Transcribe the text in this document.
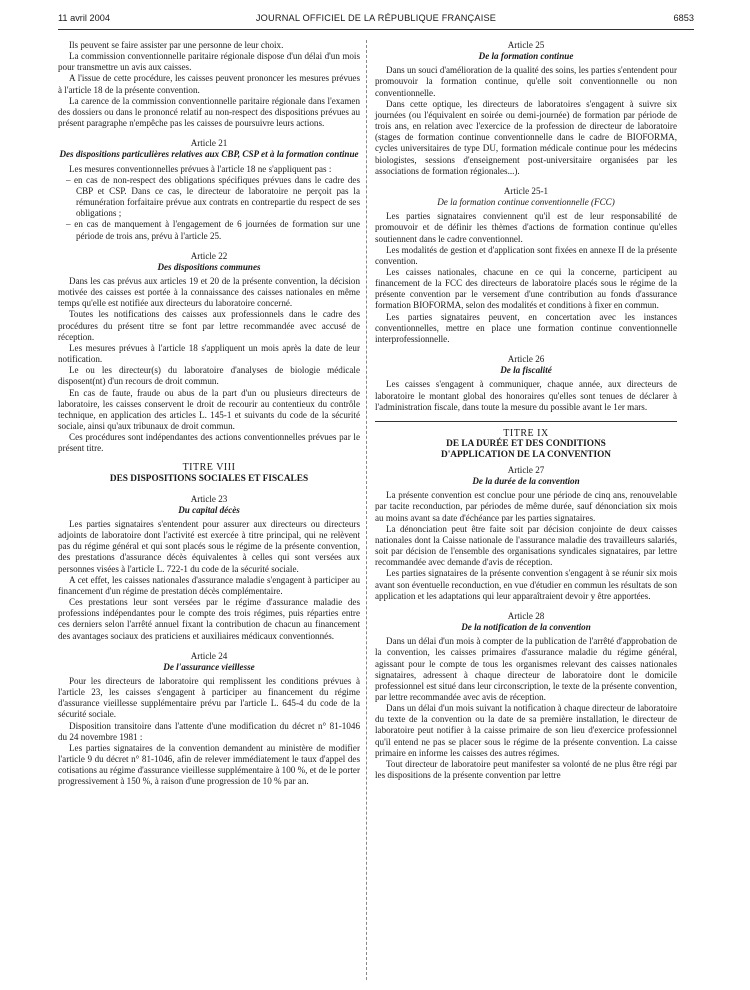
11 avril 2004	JOURNAL OFFICIEL DE LA RÉPUBLIQUE FRANÇAISE	6853

Ils peuvent se faire assister par une personne de leur choix.

La commission conventionnelle paritaire régionale dispose d'un délai d'un mois pour transmettre un avis aux caisses.

A l'issue de cette procédure, les caisses peuvent prononcer les mesures prévues à l'article 18 de la présente convention.

La carence de la commission conventionnelle paritaire régionale dans l'examen des dossiers ou dans le prononcé relatif au non-respect des dispositions prévues au présent paragraphe n'empêche pas les caisses de poursuivre leurs actions.

Article 21
Des dispositions particulières relatives aux CBP, CSP et à la formation continue

Les mesures conventionnelles prévues à l'article 18 ne s'appliquent pas :

– en cas de non-respect des obligations spécifiques prévues dans le cadre des CBP et CSP. Dans ce cas, le directeur de laboratoire ne perçoit pas la rémunération forfaitaire prévue aux contrats en contrepartie du respect de ses obligations ;

– en cas de manquement à l'engagement de 6 journées de formation sur une période de trois ans, prévu à l'article 25.

Article 22
Des dispositions communes

Dans les cas prévus aux articles 19 et 20 de la présente convention, la décision motivée des caisses est portée à la connaissance des caisses nationales en même temps qu'elle est notifiée aux directeurs du laboratoire concerné.

Toutes les notifications des caisses aux professionnels dans le cadre des procédures du présent titre se font par lettre recommandée avec accusé de réception.

Les mesures prévues à l'article 18 s'appliquent un mois après la date de leur notification.

Le ou les directeur(s) du laboratoire d'analyses de biologie médicale disposent(nt) d'un recours de droit commun.

En cas de faute, fraude ou abus de la part d'un ou plusieurs directeurs de laboratoire, les caisses conservent le droit de recourir au contentieux du contrôle technique, en application des articles L. 145-1 et suivants du code de la sécurité sociale, ainsi qu'aux tribunaux de droit commun.

Ces procédures sont indépendantes des actions conventionnelles prévues par le présent titre.

TITRE VIII
DES DISPOSITIONS SOCIALES ET FISCALES
Article 23
Du capital décès

Les parties signataires s'entendent pour assurer aux directeurs ou directeurs adjoints de laboratoire dont l'activité est exercée à titre principal, qui ne relèvent pas du régime général et qui sont placés sous le régime de la présente convention, des prestations d'assurance décès équivalentes à celles qui sont versées aux personnes visées à l'article L. 722-1 du code de la sécurité sociale.

A cet effet, les caisses nationales d'assurance maladie s'engagent à participer au financement d'un régime de prestation décès complémentaire.

Ces prestations leur sont versées par le régime d'assurance maladie des professions indépendantes pour le compte des trois régimes, puis réparties entre ces derniers selon l'arrêté annuel fixant la contribution de chacun au financement des avantages sociaux des praticiens et auxiliaires médicaux conventionnés.

Article 24
De l'assurance vieillesse

Pour les directeurs de laboratoire qui remplissent les conditions prévues à l'article 23, les caisses s'engagent à participer au financement du régime d'assurance vieillesse supplémentaire prévu par l'article L. 645-4 du code de la sécurité sociale.

Disposition transitoire dans l'attente d'une modification du décret n° 81-1046 du 24 novembre 1981 :

Les parties signataires de la convention demandent au ministère de modifier l'article 9 du décret n° 81-1046, afin de relever immédiatement le taux d'appel des cotisations au régime d'assurance vieillesse supplémentaire à 100 %, et de le porter progressivement à 150 %, à raison d'une progression de 10 % par an.

Article 25
De la formation continue

Dans un souci d'amélioration de la qualité des soins, les parties s'entendent pour promouvoir la formation continue, qu'elle soit conventionnelle ou non conventionnelle.

Dans cette optique, les directeurs de laboratoires s'engagent à suivre six journées (ou l'équivalent en soirée ou demi-journée) de formation par période de trois ans, en relation avec l'exercice de la profession de directeur de laboratoire (stages de formation continue conventionnelle dans le cadre de BIOFORMA, cycles universitaires de type DU, formation médicale continue pour les médecins biologistes, sessions d'enseignement post-universitaire organisées par les associations de formation régionales...).

Article 25-1
De la formation continue conventionnelle (FCC)

Les parties signataires conviennent qu'il est de leur responsabilité de promouvoir et de définir les thèmes d'actions de formation continue qu'elles soutiennent dans le cadre conventionnel.

Les modalités de gestion et d'application sont fixées en annexe II de la présente convention.

Les caisses nationales, chacune en ce qui la concerne, participent au financement de la FCC des directeurs de laboratoire placés sous le régime de la présente convention par le versement d'une contribution au fonds d'assurance formation BIOFORMA, selon des modalités et conditions à fixer en commun.

Les parties signataires peuvent, en concertation avec les instances conventionnelles, mettre en place une formation continue conventionnelle interprofessionnelle.

Article 26
De la fiscalité

Les caisses s'engagent à communiquer, chaque année, aux directeurs de laboratoire le montant global des honoraires qu'elles sont tenues de déclarer à l'administration fiscale, dans toute la mesure du possible avant le 1er mars.

TITRE IX
DE LA DURÉE ET DES CONDITIONS
D'APPLICATION DE LA CONVENTION
Article 27
De la durée de la convention

La présente convention est conclue pour une période de cinq ans, renouvelable par tacite reconduction, par périodes de même durée, sauf dénonciation six mois au moins avant sa date d'échéance par les parties signataires.

La dénonciation peut être faite soit par décision conjointe de deux caisses nationales dont la Caisse nationale de l'assurance maladie des travailleurs salariés, soit par décision de l'ensemble des organisations syndicales signataires, par lettre recommandée avec demande d'avis de réception.

Les parties signataires de la présente convention s'engagent à se réunir six mois avant son éventuelle reconduction, en vue d'étudier en commun les résultats de son application et les adaptations qui leur apparaîtraient devoir y être apportées.

Article 28
De la notification de la convention

Dans un délai d'un mois à compter de la publication de l'arrêté d'approbation de la convention, les caisses primaires d'assurance maladie du régime général, agissant pour le compte de tous les organismes relevant des caisses nationales signataires, adressent à chaque directeur de laboratoire dont le domicile professionnel est situé dans leur circonscription, le texte de la présente convention, par lettre recommandée avec avis de réception.

Dans un délai d'un mois suivant la notification à chaque directeur de laboratoire du texte de la convention ou la date de sa première installation, le directeur de laboratoire peut notifier à la caisse primaire de son lieu d'exercice professionnel qu'il entend ne pas se placer sous le régime de la présente convention. La caisse primaire en informe les caisses des autres régimes.

Tout directeur de laboratoire peut manifester sa volonté de ne plus être régi par les dispositions de la présente convention par lettre
